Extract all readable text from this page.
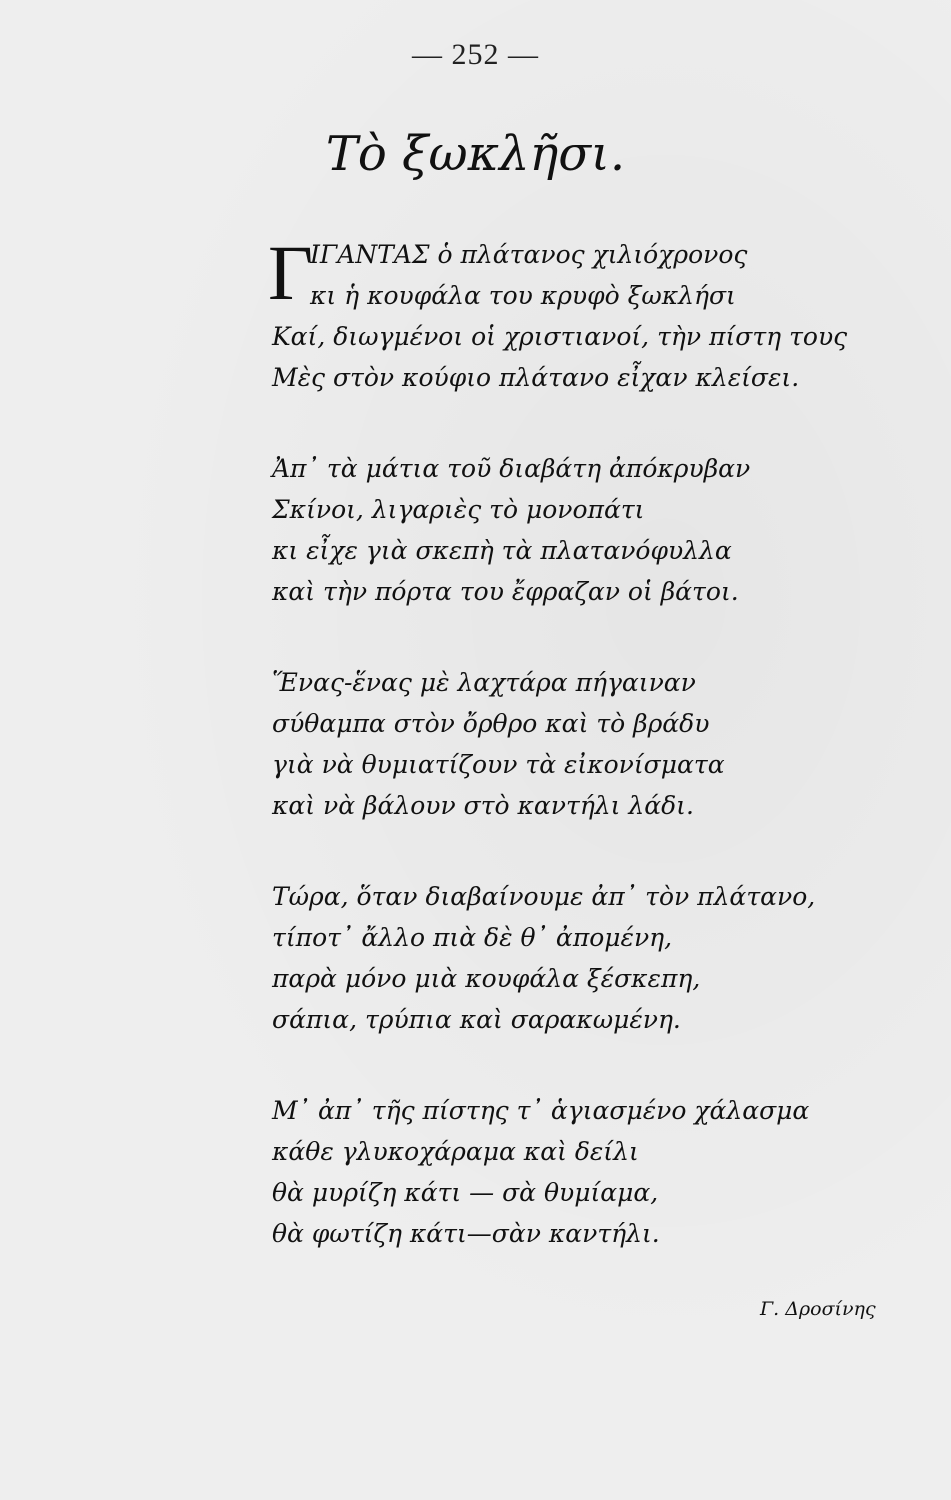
— 252 —
Τὸ ξωκλῆσι.
Γ
ΙΓΑΝΤΑΣ ὁ πλάτανος χιλιόχρονος
κι ἡ κουφάλα του κρυφὸ ξωκλήσι
Καί, διωγμένοι οἱ χριστιανοί, τὴν πίστη τους
Μὲς στὸν κούφιο πλάτανο εἶχαν κλείσει.
Ἀπ᾿ τὰ μάτια τοῦ διαβάτη ἀπόκρυβαν
Σκίνοι, λιγαριὲς τὸ μονοπάτι
κι εἶχε γιὰ σκεπὴ τὰ πλατανόφυλλα
καὶ τὴν πόρτα του ἔφραζαν οἱ βάτοι.
Ἕνας-ἕνας μὲ λαχτάρα πήγαιναν
σύθαμπα στὸν ὄρθρο καὶ τὸ βράδυ
γιὰ νὰ θυμιατίζουν τὰ εἰκονίσματα
καὶ νὰ βάλουν στὸ καντήλι λάδι.
Τώρα, ὅταν διαβαίνουμε ἀπ᾿ τὸν πλάτανο,
τίποτ᾿ ἄλλο πιὰ δὲ θ᾿ ἀπομένη,
παρὰ μόνο μιὰ κουφάλα ξέσκεπη,
σάπια, τρύπια καὶ σαρακωμένη.
Μ᾿ ἀπ᾿ τῆς πίστης τ᾿ ἁγιασμένο χάλασμα
κάθε γλυκοχάραμα καὶ δείλι
θὰ μυρίζη κάτι — σὰ θυμίαμα,
θὰ φωτίζη κάτι—σὰν καντήλι.
Γ. Δροσίνης
